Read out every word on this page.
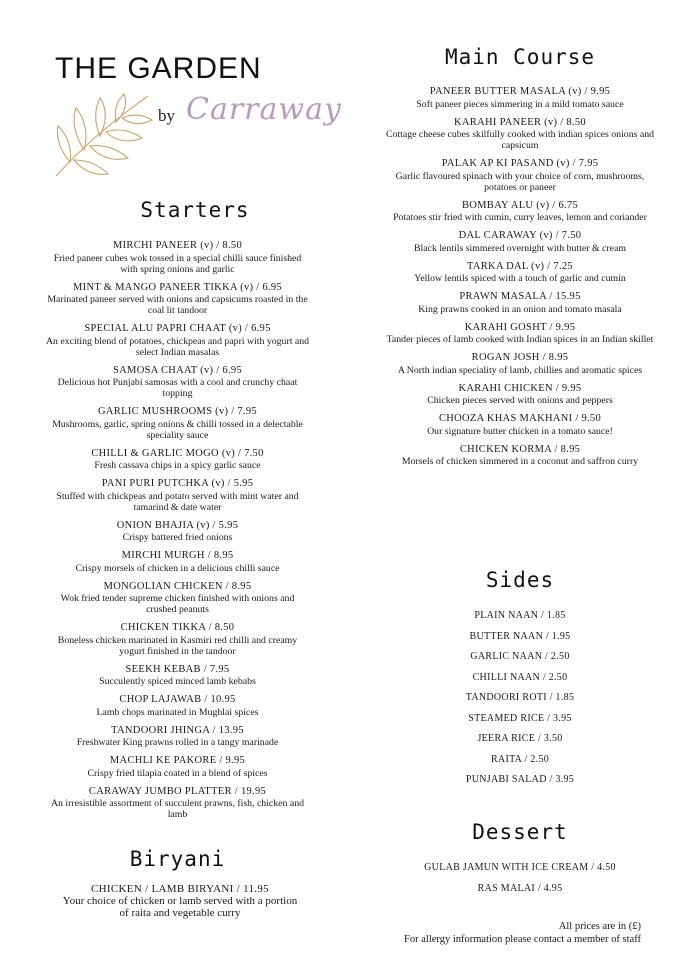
THE GARDEN
by Carraway
Starters
MIRCHI PANEER (v) / 8.50
Fried paneer cubes wok tossed in a special chilli sauce finished with spring onions and garlic
MINT & MANGO PANEER TIKKA (v) / 6.95
Marinated paneer served with onions and capsicums roasted in the coal lit tandoor
SPECIAL ALU PAPRI CHAAT (v) / 6.95
An exciting blend of potatoes, chickpeas and papri with yogurt and select Indian masalas
SAMOSA CHAAT (v) / 6.95
Delicious hot Punjabi samosas with a cool and crunchy chaat topping
GARLIC MUSHROOMS (v) / 7.95
Mushrooms, garlic, spring onions & chilli tossed in a delectable speciality sauce
CHILLI & GARLIC MOGO (v) / 7.50
Fresh cassava chips in a spicy garlic sauce
PANI PURI PUTCHKA (v) / 5.95
Stuffed with chickpeas and potato served with mint water and tamarind & date water
ONION BHAJIA (v) / 5.95
Crispy battered fried onions
MIRCHI MURGH / 8.95
Crispy morsels of chicken in a delicious chilli sauce
MONGOLIAN CHICKEN / 8.95
Wok fried tender supreme chicken finished with onions and crushed peanuts
CHICKEN TIKKA / 8.50
Boneless chicken marinated in Kasmiri red chilli and creamy yogurt finished in the tandoor
SEEKH KEBAB / 7.95
Succulently spiced minced lamb kebabs
CHOP LAJAWAB / 10.95
Lamb chops marinated in Mughlai spices
TANDOORI JHINGA / 13.95
Freshwater King prawns rolled in a tangy marinade
MACHLI KE PAKORE / 9.95
Crispy fried tilapia coated in a blend of spices
CARAWAY JUMBO PLATTER / 19.95
An irresistible assortment of succulent prawns, fish, chicken and lamb
Biryani
CHICKEN / LAMB BIRYANI / 11.95
Your choice of chicken or lamb served with a portion of raita and vegetable curry
Main Course
PANEER BUTTER MASALA (v) / 9.95
Soft paneer pieces simmering in a mild tomato sauce
KARAHI PANEER (v) / 8.50
Cottage cheese cubes skilfully cooked with indian spices onions and capsicum
PALAK AP KI PASAND (v) / 7.95
Garlic flavoured spinach with your choice of corn, mushrooms, potatoes or paneer
BOMBAY ALU (v) / 6.75
Potatoes stir fried with cumin, curry leaves, lemon and coriander
DAL CARAWAY (v) / 7.50
Black lentils simmered overnight with butter & cream
TARKA DAL (v) / 7.25
Yellow lentils spiced with a touch of garlic and cumin
PRAWN MASALA / 15.95
King prawns cooked in an onion and tomato masala
KARAHI GOSHT / 9.95
Tander pieces of lamb cooked with Indian spices in an Indian skillet
ROGAN JOSH / 8.95
A North indian speciality of lamb, chillies and aromatic spices
KARAHI CHICKEN / 9.95
Chicken pieces served with onions and peppers
CHOOZA KHAS MAKHANI / 9.50
Our signature butter chicken in a tomato sauce!
CHICKEN KORMA / 8.95
Morsels of chicken simmered in a coconut and saffron curry
Sides
PLAIN NAAN / 1.85
BUTTER NAAN / 1.95
GARLIC NAAN / 2.50
CHILLI NAAN / 2.50
TANDOORI ROTI / 1.85
STEAMED RICE / 3.95
JEERA RICE / 3.50
RAITA / 2.50
PUNJABI SALAD / 3.95
Dessert
GULAB JAMUN WITH ICE CREAM / 4.50
RAS MALAI / 4.95
All prices are in (£)
For allergy information please contact a member of staff
